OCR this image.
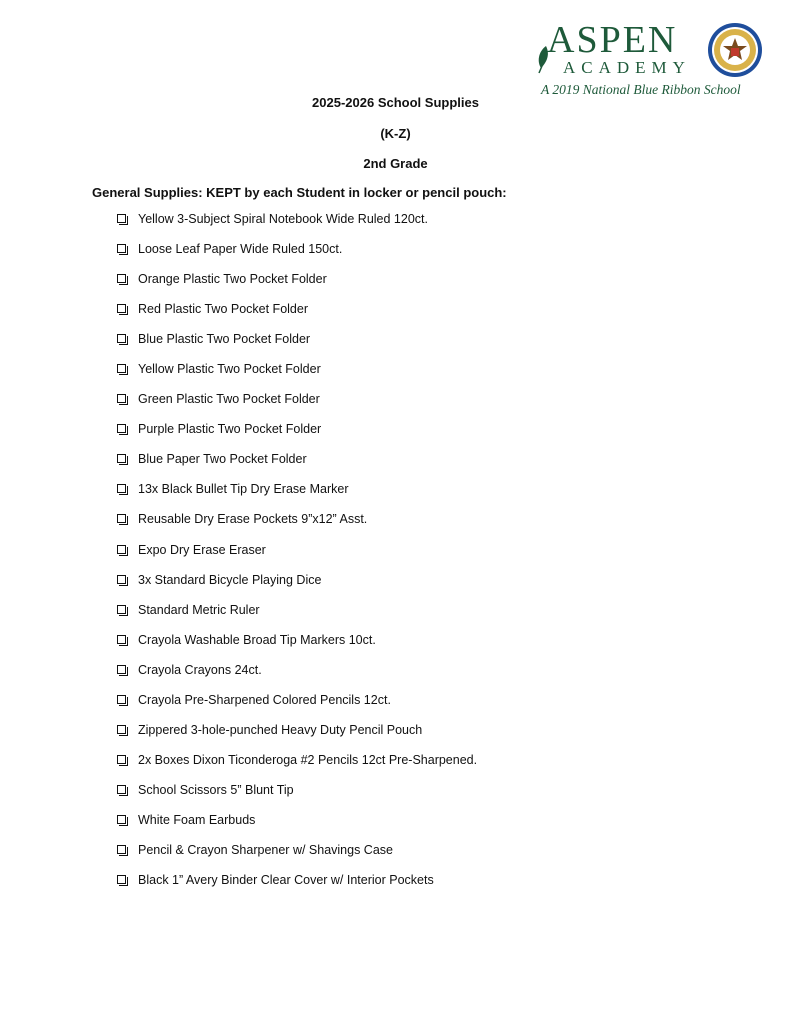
ASPEN
ACADEMY
A 2019 National Blue Ribbon School
2025-2026 School Supplies
(K-Z)
2nd Grade
General Supplies: KEPT by each Student in locker or pencil pouch:
Yellow 3-Subject Spiral Notebook Wide Ruled 120ct.
Loose Leaf Paper Wide Ruled 150ct.
Orange Plastic Two Pocket Folder
Red Plastic Two Pocket Folder
Blue Plastic Two Pocket Folder
Yellow Plastic Two Pocket Folder
Green Plastic Two Pocket Folder
Purple Plastic Two Pocket Folder
Blue Paper Two Pocket Folder
13x Black Bullet Tip Dry Erase Marker
Reusable Dry Erase Pockets 9”x12” Asst.
Expo Dry Erase Eraser
3x Standard Bicycle Playing Dice
Standard Metric Ruler
Crayola Washable Broad Tip Markers 10ct.
Crayola Crayons 24ct.
Crayola Pre-Sharpened Colored Pencils 12ct.
Zippered 3-hole-punched Heavy Duty Pencil Pouch
2x Boxes Dixon Ticonderoga #2 Pencils 12ct Pre-Sharpened.
School Scissors 5” Blunt Tip
White Foam Earbuds
Pencil & Crayon Sharpener w/ Shavings Case
Black 1” Avery Binder Clear Cover w/ Interior Pockets
